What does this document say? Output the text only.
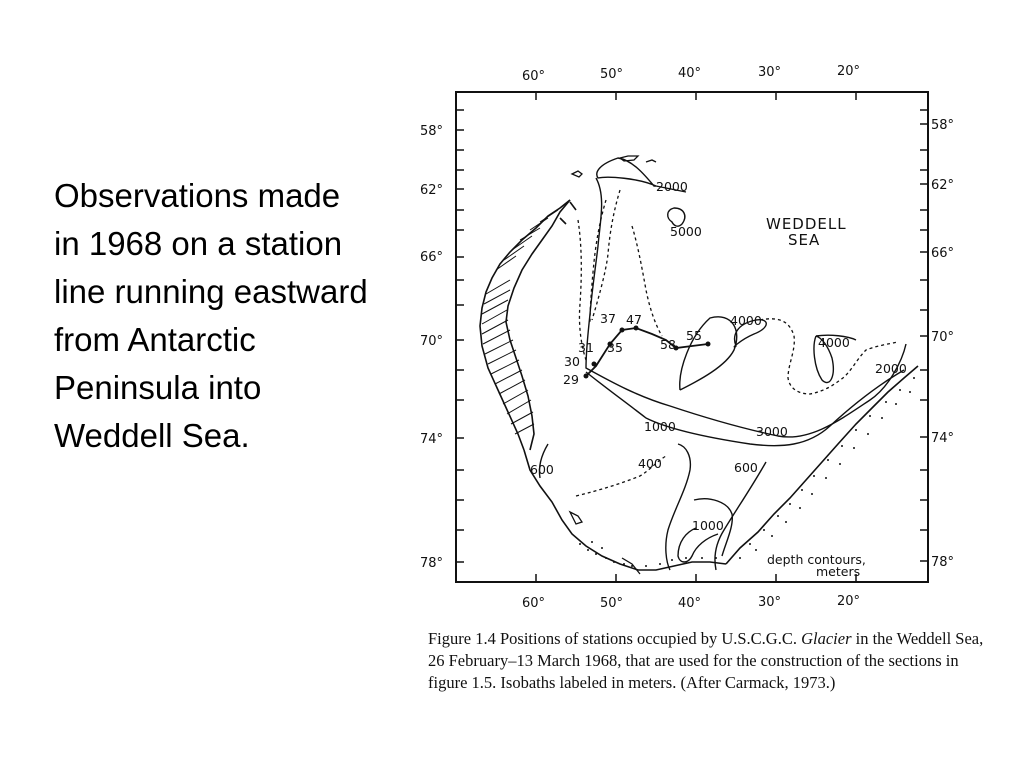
Observations made in 1968 on a station line running eastward from Antarctic Peninsula into Weddell Sea.
60°	50°	40°	30°	20°
60°	50°	40°	30°	20°
58°
62°
66°
70°
74°
78°
58°
62°
66°
70°
74°
78°
37 47
31 35	58
55
30
29
2000
5000
4000
4000
2000
1000	3000
600	400	600
1000
WEDDELL
SEA
depth contours,
meters
Figure 1.4 Positions of stations occupied by U.S.C.G.C. Glacier in the Weddell Sea, 26 February–13 March 1968, that are used for the construction of the sections in figure 1.5. Isobaths labeled in meters. (After Carmack, 1973.)
